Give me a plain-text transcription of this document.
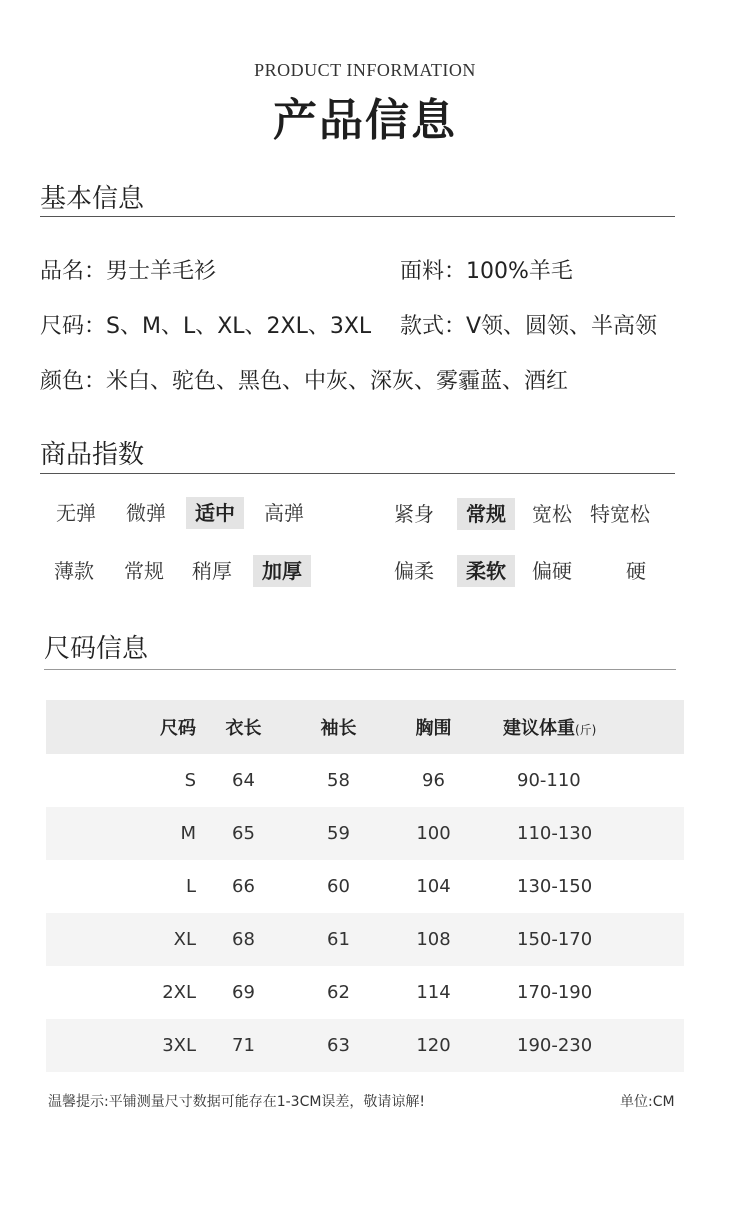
PRODUCT INFORMATION
产品信息
基本信息
品名：男士羊毛衫	面料：100%羊毛
尺码：S、M、L、XL、2XL、3XL 款式：V领、圆领、半高领
颜色：米白、驼色、黑色、中灰、深灰、雾霾蓝、酒红
商品指数
无弹 微弹	适中	高弹	紧身	常规	宽松 特宽松
薄款 常规 稍厚	加厚	偏柔	柔软	偏硬	硬
尺码信息
尺码	衣长	袖长	胸围	建议体重(斤)
S	64	58	96	90-110
M	65	59	100	110-130
L	66	60	104	130-150
XL	68	61	108	150-170
2XL	69	62	114	170-190
3XL	71	63	120	190-230
温馨提示:平铺测量尺寸数据可能存在1-3CM误差，敬请谅解!	单位:CM
